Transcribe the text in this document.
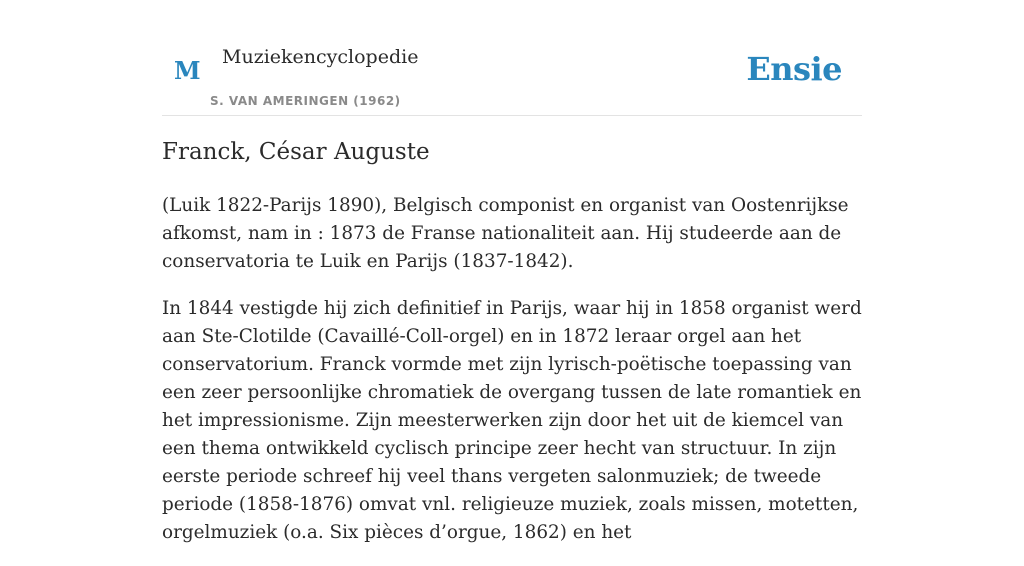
M Muziekencyclopedie
S. VAN AMERINGEN (1962)
Ensie
Franck, César Auguste

(Luik 1822-Parijs 1890), Belgisch componist en organist van Oostenrijkse afkomst, nam in : 1873 de Franse nationaliteit aan. Hij studeerde aan de conservatoria te Luik en Parijs (1837-1842).

In 1844 vestigde hij zich definitief in Parijs, waar hij in 1858 organist werd aan Ste-Clotilde (Cavaillé-Coll-orgel) en in 1872 leraar orgel aan het conservatorium. Franck vormde met zijn lyrisch-poëtische toepassing van een zeer persoonlijke chromatiek de overgang tussen de late romantiek en het impressionisme. Zijn meesterwerken zijn door het uit de kiemcel van een thema ontwikkeld cyclisch principe zeer hecht van structuur. In zijn eerste periode schreef hij veel thans vergeten salonmuziek; de tweede periode (1858-1876) omvat vnl. religieuze muziek, zoals missen, motetten, orgelmuziek (o.a. Six pièces d’orgue, 1862) en het
